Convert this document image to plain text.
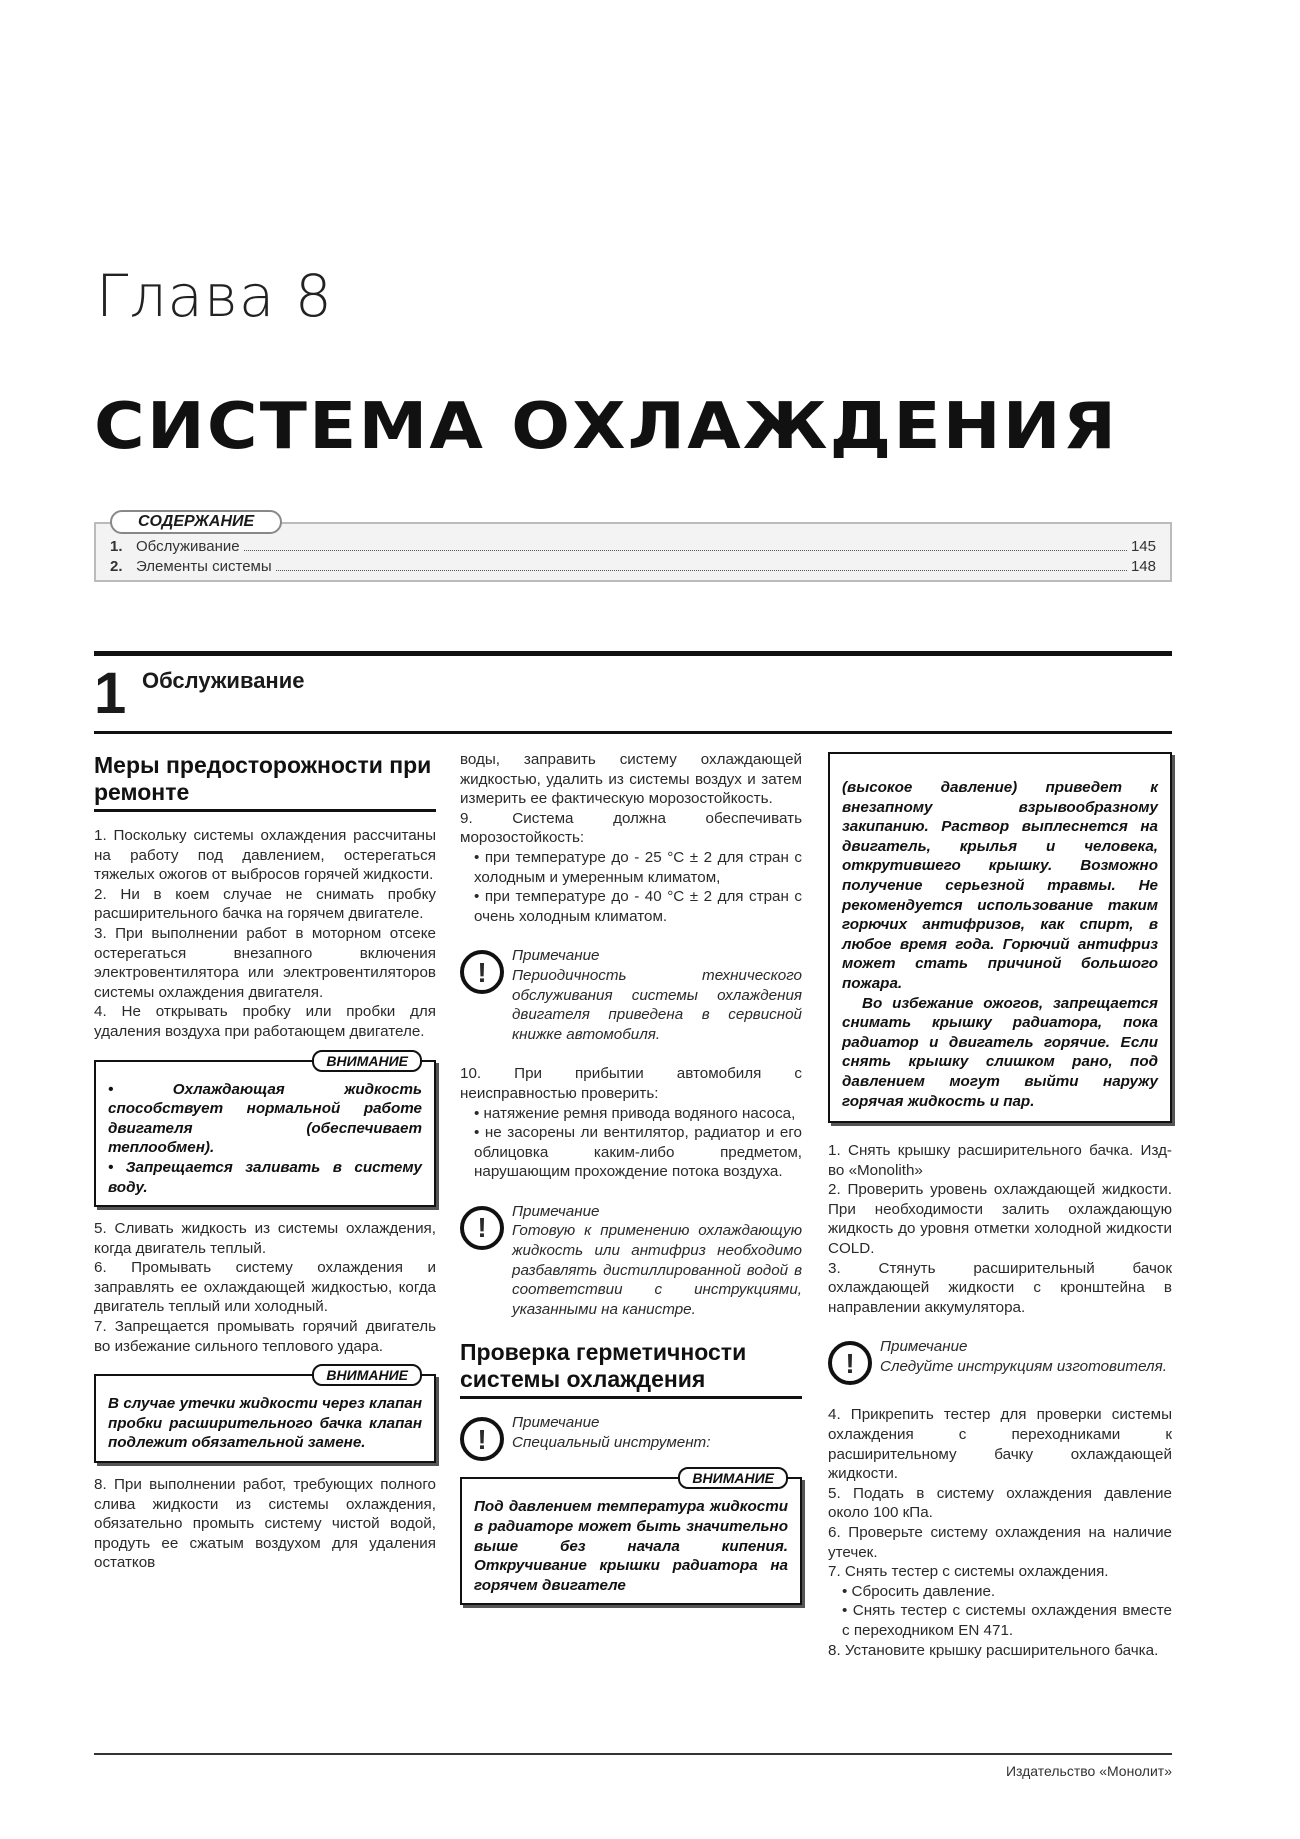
Глава 8
СИСТЕМА ОХЛАЖДЕНИЯ
СОДЕРЖАНИЕ
1. Обслуживание	145
2. Элементы системы	148
1 Обслуживание
Меры предосторожности при ремонте

1. Поскольку системы охлаждения рассчитаны на работу под давлением, остерегаться тяжелых ожогов от выбросов горячей жидкости.

2. Ни в коем случае не снимать пробку расширительного бачка на горячем двигателе.

3. При выполнении работ в моторном отсеке остерегаться внезапного включения электровентилятора или электровентиляторов системы охлаждения двигателя.

4. Не открывать пробку или пробки для удаления воздуха при работающем двигателе.

ВНИМАНИЕ

• Охлаждающая жидкость способствует нормальной работе двигателя (обеспечивает теплообмен).

• Запрещается заливать в систему воду.

5. Сливать жидкость из системы охлаждения, когда двигатель теплый.

6. Промывать систему охлаждения и заправлять ее охлаждающей жидкостью, когда двигатель теплый или холодный.

7. Запрещается промывать горячий двигатель во избежание сильного теплового удара.

ВНИМАНИЕ

В случае утечки жидкости через клапан пробки расширительного бачка клапан подлежит обязательной замене.

8. При выполнении работ, требующих полного слива жидкости из системы охлаждения, обязательно промыть систему чистой водой, продуть ее сжатым воздухом для удаления остатков

воды, заправить систему охлаждающей жидкостью, удалить из системы воздух и затем измерить ее фактическую морозостойкость.

9. Система должна обеспечивать морозостойкость:

• при температуре до - 25 °С ± 2 для стран с холодным и умеренным климатом,

• при температуре до - 40 °С ± 2 для стран с очень холодным климатом.

!

Примечание

Периодичность технического обслуживания системы охлаждения двигателя приведена в сервисной книжке автомобиля.

10. При прибытии автомобиля с неисправностью проверить:

• натяжение ремня привода водяного насоса,

• не засорены ли вентилятор, радиатор и его облицовка каким-либо предметом, нарушающим прохождение потока воздуха.

!

Примечание

Готовую к применению охлаждающую жидкость или антифриз необходимо разбавлять дистиллированной водой в соответствии с инструкциями, указанными на канистре.

Проверка герметичности системы охлаждения
!

Примечание

Специальный инструмент:

ВНИМАНИЕ

Под давлением температура жидкости в радиаторе может быть значительно выше без начала кипения. Откручивание крышки радиатора на горячем двигателе

(высокое давление) приведет к внезапному взрывообразному закипанию. Раствор выплеснется на двигатель, крылья и человека, открутившего крышку. Возможно получение серьезной травмы. Не рекомендуется использование таким горючих антифризов, как спирт, в любое время года. Горючий антифриз может стать причиной большого пожара.

Во избежание ожогов, запрещается снимать крышку радиатора, пока радиатор и двигатель горячие. Если снять крышку слишком рано, под давлением могут выйти наружу горячая жидкость и пар.

1. Снять крышку расширительного бачка. Изд-во «Monolith»

2. Проверить уровень охлаждающей жидкости. При необходимости залить охлаждающую жидкость до уровня отметки холодной жидкости COLD.

3. Стянуть расширительный бачок охлаждающей жидкости с кронштейна в направлении аккумулятора.

!

Примечание

Следуйте инструкциям изготовителя.

4. Прикрепить тестер для проверки системы охлаждения с переходниками к расширительному бачку охлаждающей жидкости.

5. Подать в систему охлаждения давление около 100 кПа.

6. Проверьте систему охлаждения на наличие утечек.

7. Снять тестер с системы охлаждения.

• Сбросить давление.

• Снять тестер с системы охлаждения вместе с переходником EN 471.

8. Установите крышку расширительного бачка.

Издательство «Монолит»
